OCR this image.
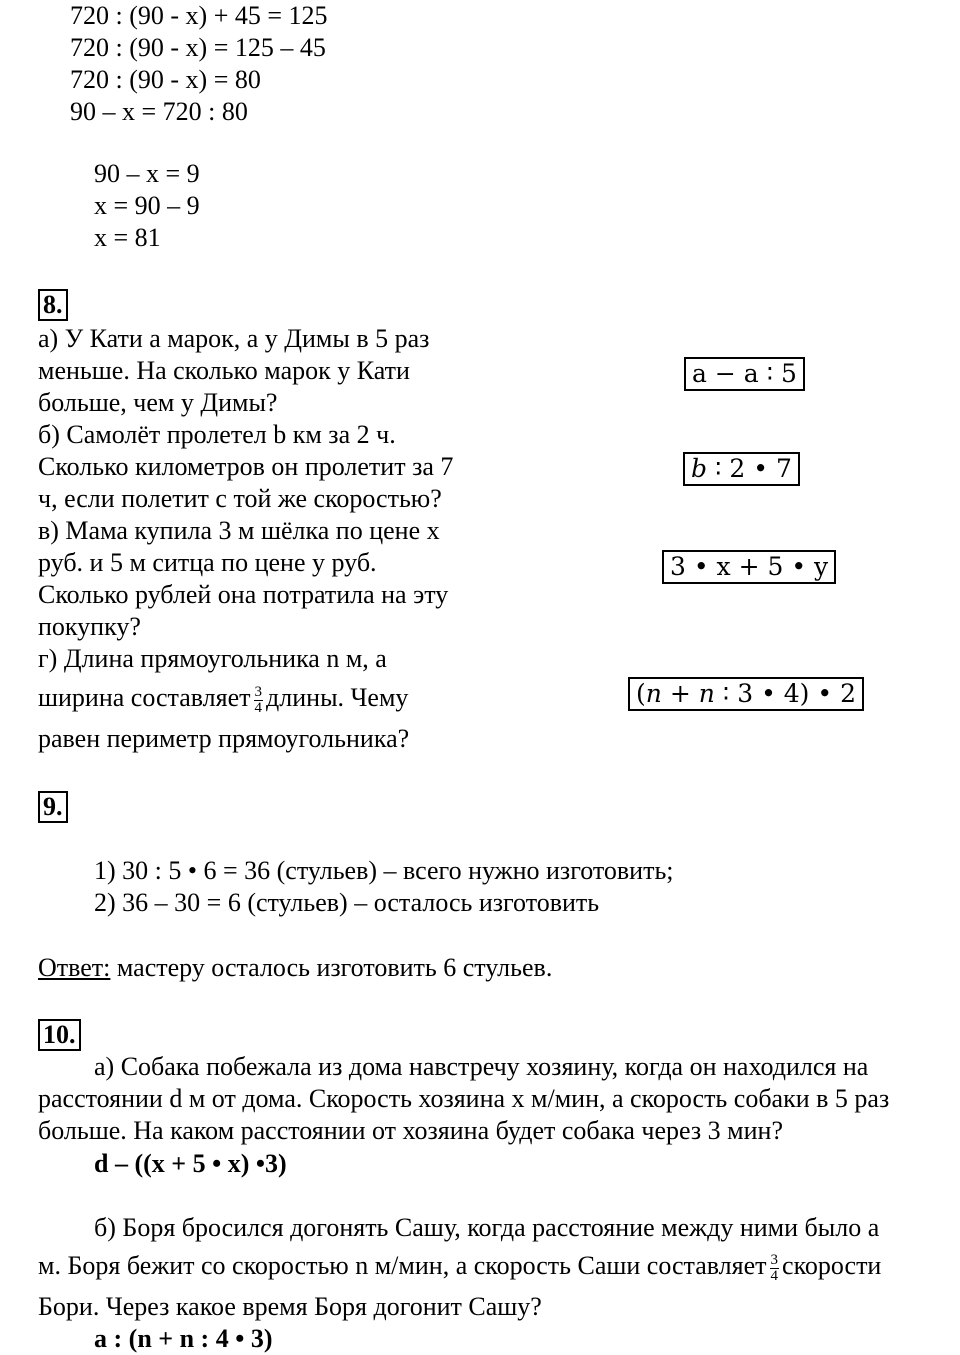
720 : (90 - x) + 45 = 125
720 : (90 - x) = 125 – 45
720 : (90 - x) = 80
90 – x = 720 : 80
90 – x = 9
x = 90 – 9
x = 81
8.
а) У Кати а марок, а у Димы в 5 раз
меньше. На сколько марок у Кати
больше, чем у Димы?
б) Самолёт пролетел b км за 2 ч.
Сколько километров он пролетит за 7
ч, если полетит с той же скоростью?
в) Мама купила 3 м шёлка по цене х
руб. и 5 м ситца по цене у руб.
Сколько рублей она потратила на эту
покупку?
г) Длина прямоугольника n м, а
ширина составляет $\frac{3}{4}$ длины. Чему
равен периметр прямоугольника?
a − a ∶ 5
b ∶ 2 • 7
3 • x + 5 • y
(n + n ∶ 3 • 4) • 2
9.
1) 30 : 5 • 6 = 36 (стульев) – всего нужно изготовить;
2) 36 – 30 = 6 (стульев) – осталось изготовить
Ответ: мастеру осталось изготовить 6 стульев.
10.
а) Собака побежала из дома навстречу хозяину, когда он находился на
расстоянии d м от дома. Скорость хозяина х м/мин, а скорость собаки в 5 раз
больше. На каком расстоянии от хозяина будет собака через 3 мин?
d – ((x + 5 • x) •3)
б) Боря бросился догонять Сашу, когда расстояние между ними было а
м. Боря бежит со скоростью n м/мин, а скорость Саши составляет $\frac{3}{4}$ скорости
Бори. Через какое время Боря догонит Сашу?
a : (n + n : 4 • 3)
